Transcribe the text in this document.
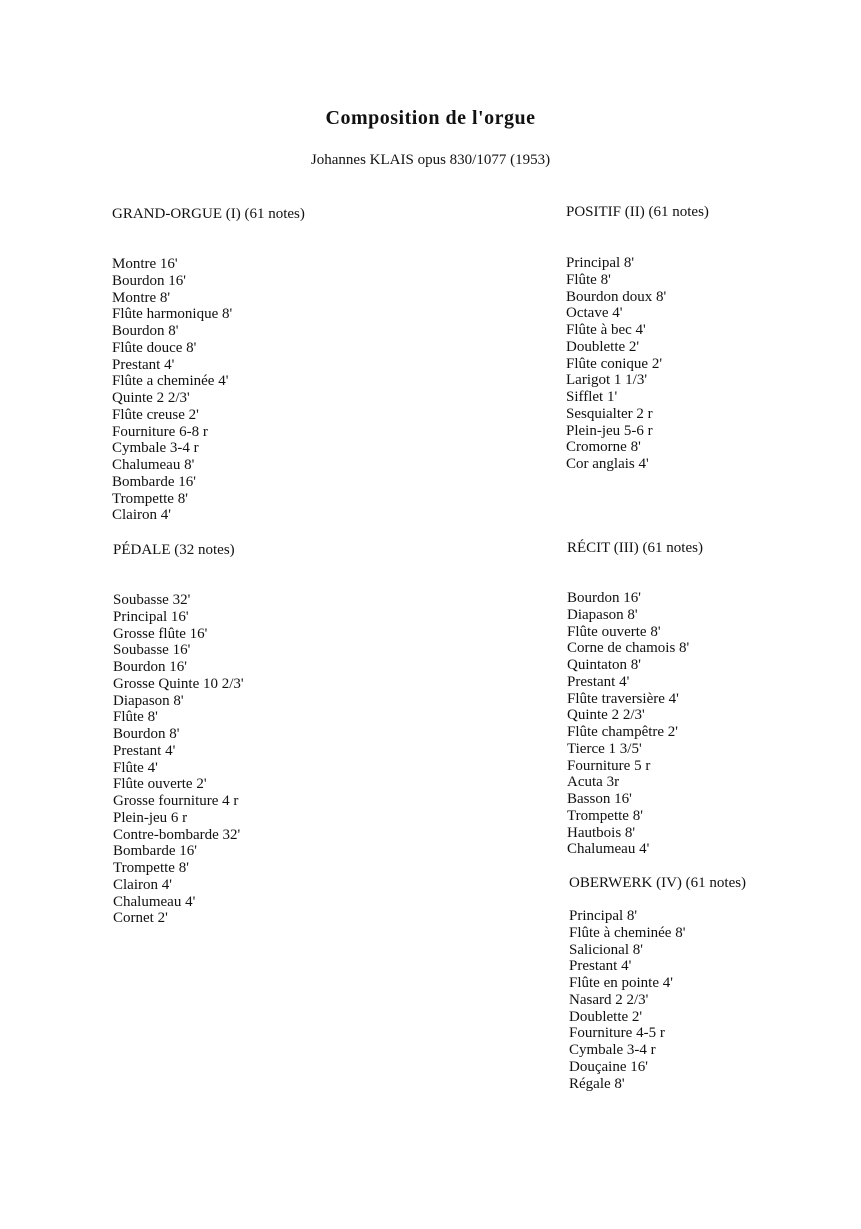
Composition de l'orgue

Johannes KLAIS opus 830/1077 (1953)

GRAND-ORGUE (I) (61 notes)
Montre 16'
Bourdon 16'
Montre 8'
Flûte harmonique 8'
Bourdon 8'
Flûte douce 8'
Prestant 4'
Flûte a cheminée 4'
Quinte 2 2/3'
Flûte creuse 2'
Fourniture 6-8 r
Cymbale 3-4 r
Chalumeau 8'
Bombarde 16'
Trompette 8'
Clairon 4'
POSITIF (II) (61 notes)
Principal 8'
Flûte 8'
Bourdon doux 8'
Octave 4'
Flûte à bec 4'
Doublette 2'
Flûte conique 2'
Larigot 1 1/3'
Sifflet 1'
Sesquialter 2 r
Plein-jeu 5-6 r
Cromorne 8'
Cor anglais 4'
PÉDALE (32 notes)
Soubasse 32'
Principal 16'
Grosse flûte 16'
Soubasse 16'
Bourdon 16'
Grosse Quinte 10 2/3'
Diapason 8'
Flûte 8'
Bourdon 8'
Prestant 4'
Flûte 4'
Flûte ouverte 2'
Grosse fourniture 4 r
Plein-jeu 6 r
Contre-bombarde 32'
Bombarde 16'
Trompette 8'
Clairon 4'
Chalumeau 4'
Cornet 2'
RÉCIT (III) (61 notes)
Bourdon 16'
Diapason 8'
Flûte ouverte 8'
Corne de chamois 8'
Quintaton 8'
Prestant 4'
Flûte traversière 4'
Quinte 2 2/3'
Flûte champêtre 2'
Tierce 1 3/5'
Fourniture 5 r
Acuta 3r
Basson 16'
Trompette 8'
Hautbois 8'
Chalumeau 4'
OBERWERK (IV) (61 notes)
Principal 8'
Flûte à cheminée 8'
Salicional 8'
Prestant 4'
Flûte en pointe 4'
Nasard 2 2/3'
Doublette 2'
Fourniture 4-5 r
Cymbale 3-4 r
Douçaine 16'
Régale 8'
